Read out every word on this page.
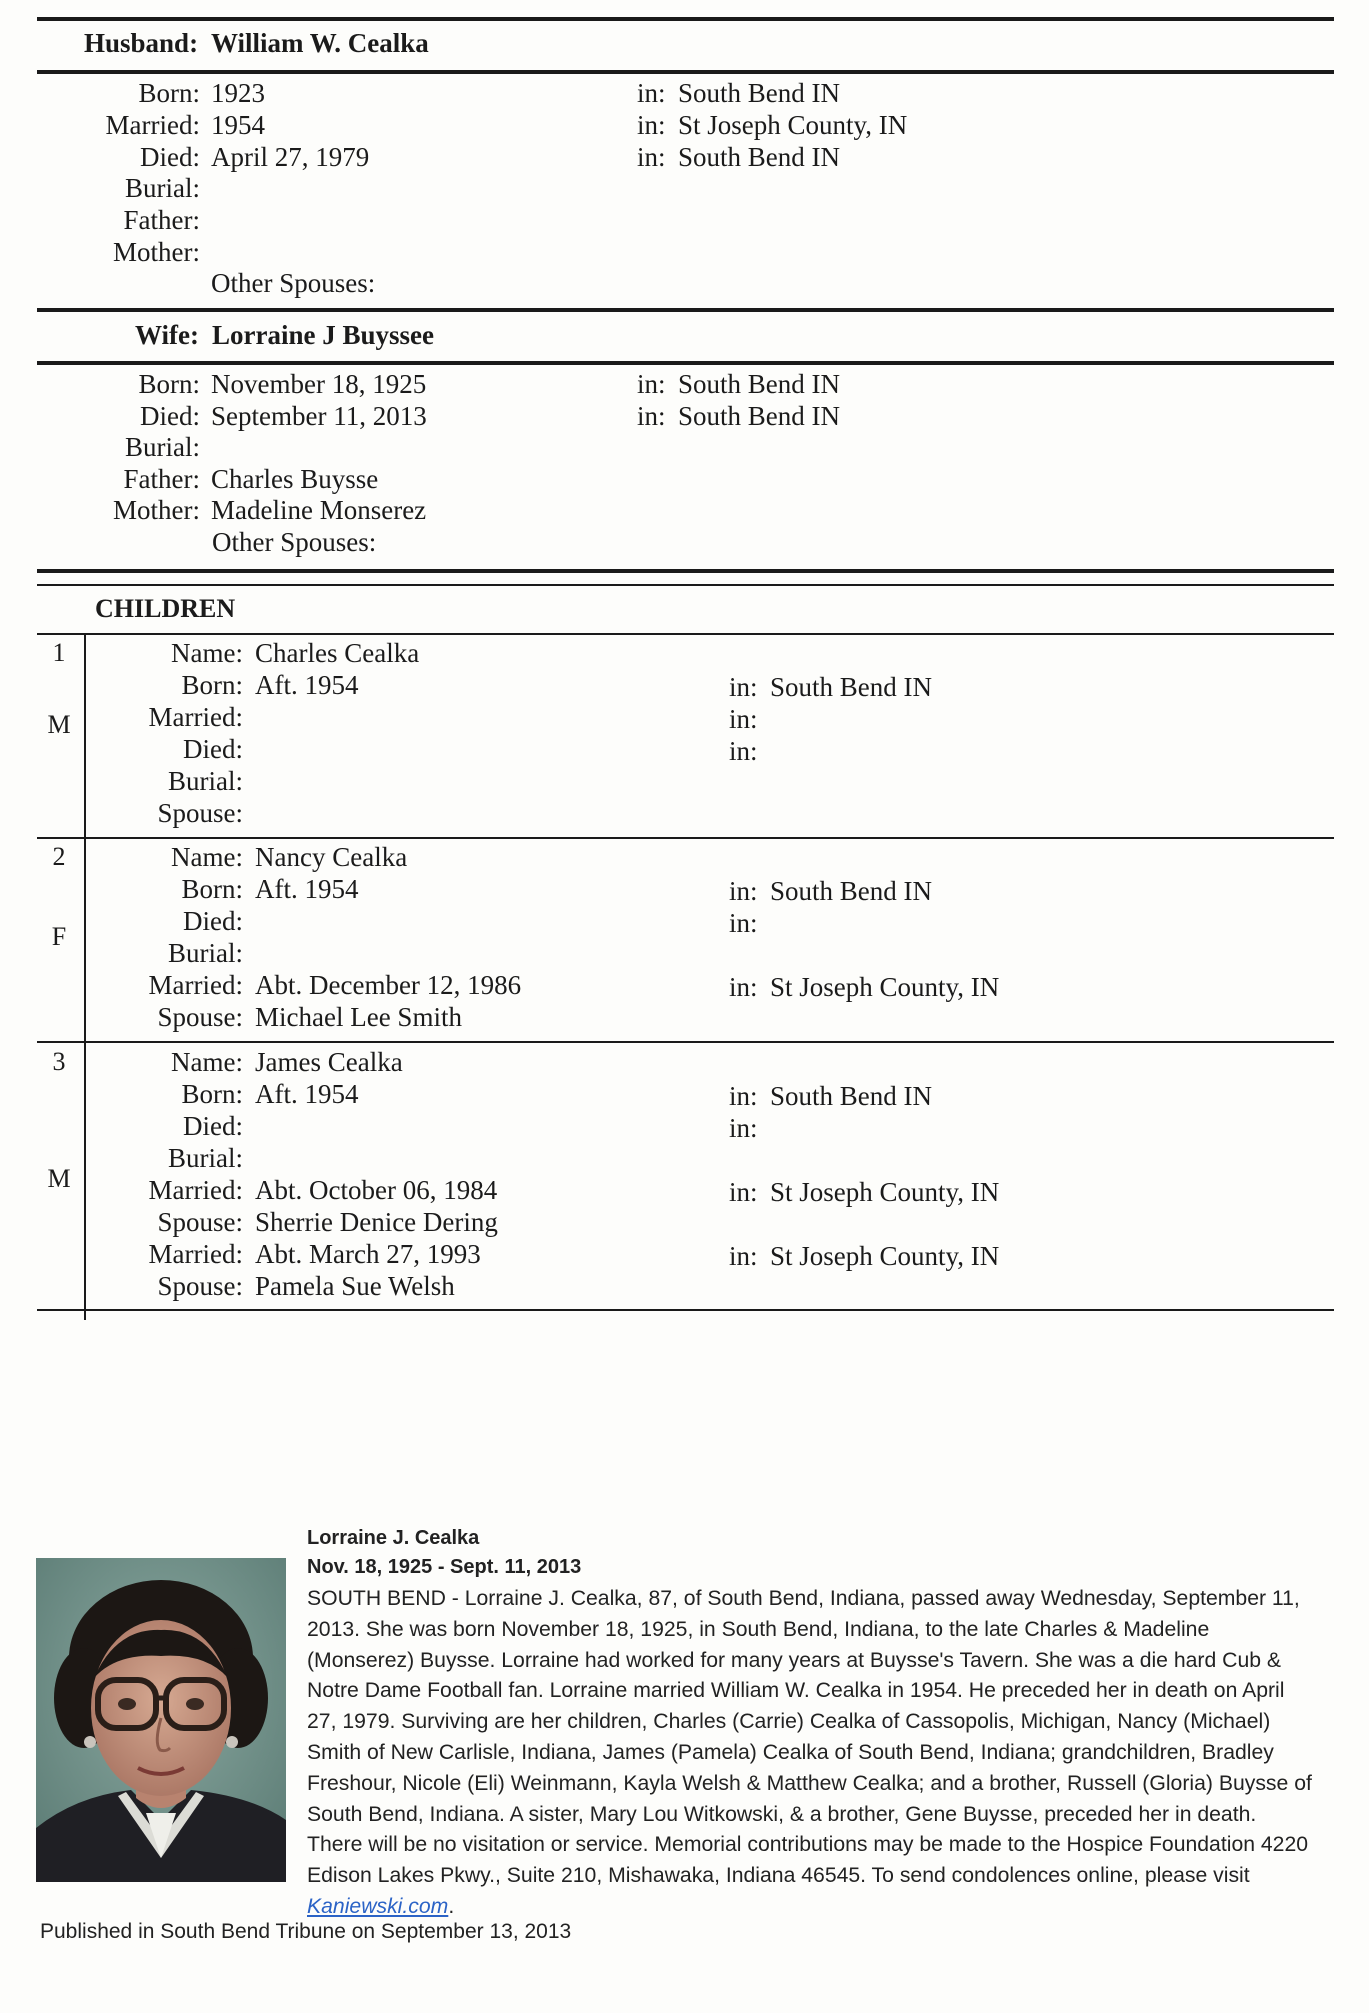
Husband: William W. Cealka
Born: 1923	in: South Bend IN
Married: 1954	in: St Joseph County, IN
Died: April 27, 1979	in: South Bend IN
Burial:
Father:
Mother:
Other Spouses:
Wife: Lorraine J Buyssee
Born: November 18, 1925	in: South Bend IN
Died: September 11, 2013	in: South Bend IN
Burial:
Father: Charles Buysse
Mother: Madeline Monserez
Other Spouses:
CHILDREN
1
M
Name: Charles Cealka
Born: Aft. 1954	in: South Bend IN
Married:	in:
Died:	in:
Burial:
Spouse:
2
F
Name: Nancy Cealka
Born: Aft. 1954	in: South Bend IN
Died:	in:
Burial:
Married: Abt. December 12, 1986	in: St Joseph County, IN
Spouse: Michael Lee Smith
3
M
Name: James Cealka
Born: Aft. 1954	in: South Bend IN
Died:	in:
Burial:
Married: Abt. October 06, 1984	in: St Joseph County, IN
Spouse: Sherrie Denice Dering
Married: Abt. March 27, 1993	in: St Joseph County, IN
Spouse: Pamela Sue Welsh
Lorraine J. Cealka
Nov. 18, 1925 - Sept. 11, 2013
SOUTH BEND - Lorraine J. Cealka, 87, of South Bend, Indiana, passed away Wednesday, September 11, 2013. She was born November 18, 1925, in South Bend, Indiana, to the late Charles & Madeline (Monserez) Buysse. Lorraine had worked for many years at Buysse's Tavern. She was a die hard Cub & Notre Dame Football fan. Lorraine married William W. Cealka in 1954. He preceded her in death on April 27, 1979. Surviving are her children, Charles (Carrie) Cealka of Cassopolis, Michigan, Nancy (Michael) Smith of New Carlisle, Indiana, James (Pamela) Cealka of South Bend, Indiana; grandchildren, Bradley Freshour, Nicole (Eli) Weinmann, Kayla Welsh & Matthew Cealka; and a brother, Russell (Gloria) Buysse of South Bend, Indiana. A sister, Mary Lou Witkowski, & a brother, Gene Buysse, preceded her in death. There will be no visitation or service. Memorial contributions may be made to the Hospice Foundation 4220 Edison Lakes Pkwy., Suite 210, Mishawaka, Indiana 46545. To send condolences online, please visit Kaniewski.com.
Published in South Bend Tribune on September 13, 2013
